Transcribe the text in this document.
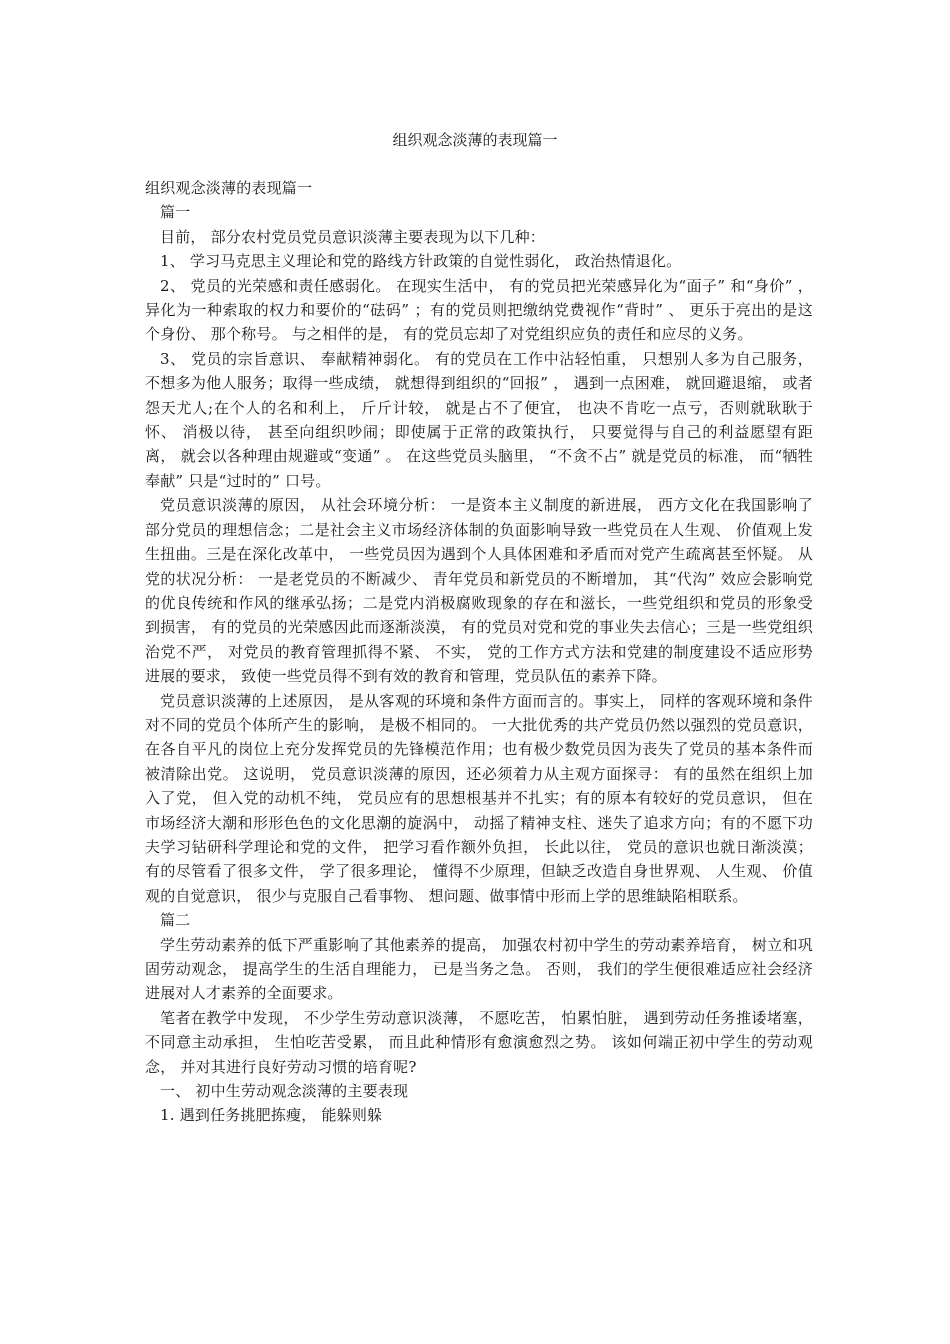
组织观念淡薄的表现篇一

组织观念淡薄的表现篇一

篇一

目前， 部分农村党员党员意识淡薄主要表现为以下几种：

1、 学习马克思主义理论和党的路线方针政策的自觉性弱化， 政治热情退化。

2、 党员的光荣感和责任感弱化。 在现实生活中， 有的党员把光荣感异化为“面子” 和“身价” ， 异化为一种索取的权力和要价的“砝码” ；有的党员则把缴纳党费视作“背时” 、 更乐于亮出的是这个身份、 那个称号。 与之相伴的是， 有的党员忘却了对党组织应负的责任和应尽的义务。

3、 党员的宗旨意识、 奉献精神弱化。 有的党员在工作中沾轻怕重， 只想别人多为自己服务， 不想多为他人服务；取得一些成绩， 就想得到组织的“回报” ， 遇到一点困难， 就回避退缩， 或者怨天尤人;在个人的名和利上， 斤斤计较， 就是占不了便宜， 也决不肯吃一点亏，否则就耿耿于怀、 消极以待， 甚至向组织吵闹；即使属于正常的政策执行， 只要觉得与自己的利益愿望有距离， 就会以各种理由规避或“变通” 。 在这些党员头脑里， “不贪不占” 就是党员的标准， 而“牺牲奉献” 只是“过时的” 口号。

党员意识淡薄的原因， 从社会环境分析： 一是资本主义制度的新进展， 西方文化在我国影响了部分党员的理想信念；二是社会主义市场经济体制的负面影响导致一些党员在人生观、 价值观上发生扭曲。三是在深化改革中， 一些党员因为遇到个人具体困难和矛盾而对党产生疏离甚至怀疑。 从党的状况分析： 一是老党员的不断减少、 青年党员和新党员的不断增加， 其“代沟” 效应会影响党的优良传统和作风的继承弘扬；二是党内消极腐败现象的存在和滋长，一些党组织和党员的形象受到损害， 有的党员的光荣感因此而逐渐淡漠， 有的党员对党和党的事业失去信心；三是一些党组织治党不严， 对党员的教育管理抓得不紧、 不实， 党的工作方式方法和党建的制度建设不适应形势进展的要求， 致使一些党员得不到有效的教育和管理，党员队伍的素养下降。

党员意识淡薄的上述原因， 是从客观的环境和条件方面而言的。事实上， 同样的客观环境和条件对不同的党员个体所产生的影响， 是极不相同的。 一大批优秀的共产党员仍然以强烈的党员意识， 在各自平凡的岗位上充分发挥党员的先锋模范作用；也有极少数党员因为丧失了党员的基本条件而被清除出党。 这说明， 党员意识淡薄的原因，还必须着力从主观方面探寻： 有的虽然在组织上加入了党， 但入党的动机不纯， 党员应有的思想根基并不扎实；有的原本有较好的党员意识， 但在市场经济大潮和形形色色的文化思潮的旋涡中， 动摇了精神支柱、迷失了追求方向；有的不愿下功夫学习钻研科学理论和党的文件， 把学习看作额外负担， 长此以往， 党员的意识也就日渐淡漠；有的尽管看了很多文件， 学了很多理论， 懂得不少原理，但缺乏改造自身世界观、 人生观、 价值观的自觉意识， 很少与克服自己看事物、 想问题、做事情中形而上学的思维缺陷相联系。

篇二

学生劳动素养的低下严重影响了其他素养的提高， 加强农村初中学生的劳动素养培育， 树立和巩固劳动观念， 提高学生的生活自理能力， 已是当务之急。 否则， 我们的学生便很难适应社会经济进展对人才素养的全面要求。

笔者在教学中发现， 不少学生劳动意识淡薄， 不愿吃苦， 怕累怕脏， 遇到劳动任务推诿堵塞， 不同意主动承担， 生怕吃苦受累， 而且此种情形有愈演愈烈之势。 该如何端正初中学生的劳动观念， 并对其进行良好劳动习惯的培育呢?

一、 初中生劳动观念淡薄的主要表现

1. 遇到任务挑肥拣瘦， 能躲则躲
